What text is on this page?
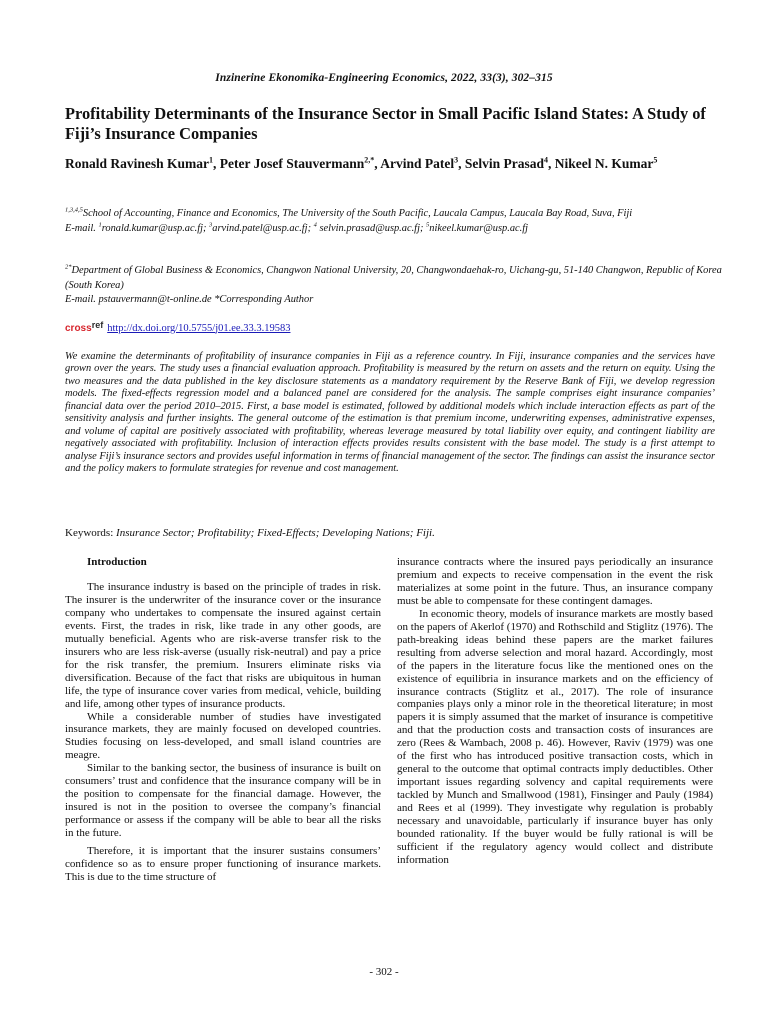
Inzinerine Ekonomika-Engineering Economics, 2022, 33(3), 302–315
Profitability Determinants of the Insurance Sector in Small Pacific Island States: A Study of Fiji’s Insurance Companies
Ronald Ravinesh Kumar$^1$, Peter Josef Stauvermann$^{2,*}$, Arvind Patel$^3$, Selvin Prasad$^4$, Nikeel N. Kumar$^5$
$^{1,3,4,5}$School of Accounting, Finance and Economics, The University of the South Pacific, Laucala Campus, Laucala Bay Road, Suva, Fiji
E-mail. $^1$ronald.kumar@usp.ac.fj; $^3$arvind.patel@usp.ac.fj; $^4$ selvin.prasad@usp.ac.fj; $^5$nikeel.kumar@usp.ac.fj
$^{2*}$Department of Global Business & Economics, Changwon National University, 20, Changwondaehak-ro, Uichang-gu, 51-140 Changwon, Republic of Korea (South Korea)
E-mail. pstauvermann@t-online.de *Corresponding Author
cross ref http://dx.doi.org/10.5755/j01.ee.33.3.19583

We examine the determinants of profitability of insurance companies in Fiji as a reference country. In Fiji, insurance companies and the services have grown over the years. The study uses a financial evaluation approach. Profitability is measured by the return on assets and the return on equity. Using the two measures and the data published in the key disclosure statements as a mandatory requirement by the Reserve Bank of Fiji, we develop regression models. The fixed-effects regression model and a balanced panel are considered for the analysis. The sample comprises eight insurance companies’ financial data over the period 2010–2015. First, a base model is estimated, followed by additional models which include interaction effects as part of the sensitivity analysis and further insights. The general outcome of the estimation is that premium income, underwriting expenses, administrative expenses, and volume of capital are positively associated with profitability, whereas leverage measured by total liability over equity, and contingent liability are negatively associated with profitability. Inclusion of interaction effects provides results consistent with the base model. The study is a first attempt to analyse Fiji’s insurance sectors and provides useful information in terms of financial management of the sector. The findings can assist the insurance sector and the policy makers to formulate strategies for revenue and cost management.

Keywords: Insurance Sector; Profitability; Fixed-Effects; Developing Nations; Fiji.
Introduction

The insurance industry is based on the principle of trades in risk. The insurer is the underwriter of the insurance cover or the insurance company who undertakes to compensate the insured against certain events. First, the trades in risk, like trade in any other goods, are mutually beneficial. Agents who are risk-averse transfer risk to the insurers who are less risk-averse (usually risk-neutral) and pay a price for the risk transfer, the premium. Insurers eliminate risks via diversification. Because of the fact that risks are ubiquitous in human life, the type of insurance cover varies from medical, vehicle, building and life, among other types of insurance products.

While a considerable number of studies have investigated insurance markets, they are mainly focused on developed countries. Studies focusing on less-developed, and small island countries are meagre.

Similar to the banking sector, the business of insurance is built on consumers’ trust and confidence that the insurance company will be in the position to compensate for the financial damage. However, the insured is not in the position to oversee the company’s financial performance or assess if the company will be able to bear all the risks in the future.

Therefore, it is important that the insurer sustains consumers’ confidence so as to ensure proper functioning of insurance markets. This is due to the time structure of

insurance contracts where the insured pays periodically an insurance premium and expects to receive compensation in the event the risk materializes at some point in the future. Thus, an insurance company must be able to compensate for these contingent damages.

In economic theory, models of insurance markets are mostly based on the papers of Akerlof (1970) and Rothschild and Stiglitz (1976). The path-breaking ideas behind these papers are the market failures resulting from adverse selection and moral hazard. Accordingly, most of the papers in the literature focus like the mentioned ones on the existence of equilibria in insurance markets and on the efficiency of insurance contracts (Stiglitz et al., 2017). The role of insurance companies plays only a minor role in the theoretical literature; in most papers it is simply assumed that the market of insurance is competitive and that the production costs and transaction costs of insurances are zero (Rees & Wambach, 2008 p. 46). However, Raviv (1979) was one of the first who has introduced positive transaction costs, which in general to the outcome that optimal contracts imply deductibles. Other important issues regarding solvency and capital requirements were tackled by Munch and Smallwood (1981), Finsinger and Pauly (1984) and Rees et al (1999). They investigate why regulation is probably necessary and unavoidable, particularly if insurance buyer has only bounded rationality. If the buyer would be fully rational is will be sufficient if the regulatory agency would collect and distribute information

- 302 -
